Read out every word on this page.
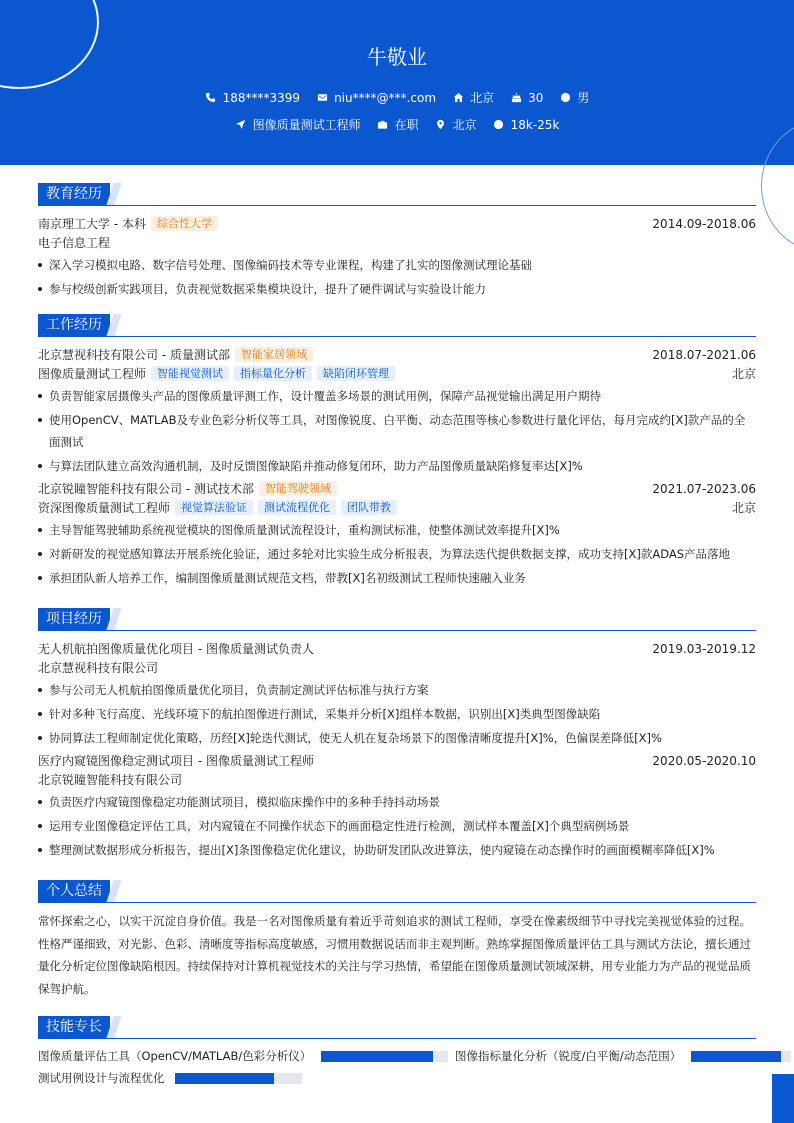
牛敬业
188****3399	niu****@***.com	北京	30	男
图像质量测试工程师	在职	北京	18k-25k
教育经历
南京理工大学 - 本科	综合性大学	2014.09-2018.06
电子信息工程
深入学习模拟电路、数字信号处理、图像编码技术等专业课程，构建了扎实的图像测试理论基础
参与校级创新实践项目，负责视觉数据采集模块设计，提升了硬件调试与实验设计能力
工作经历
北京慧视科技有限公司 - 质量测试部	智能家居领域	2018.07-2021.06
图像质量测试工程师	智能视觉测试	指标量化分析	缺陷闭环管理	北京
负责智能家居摄像头产品的图像质量评测工作，设计覆盖多场景的测试用例，保障产品视觉输出满足用户期待
使用OpenCV、MATLAB及专业色彩分析仪等工具，对图像锐度、白平衡、动态范围等核心参数进行量化评估，每月完成约[X]款产品的全面测试
与算法团队建立高效沟通机制，及时反馈图像缺陷并推动修复闭环，助力产品图像质量缺陷修复率达[X]%
北京锐瞳智能科技有限公司 - 测试技术部	智能驾驶领域	2021.07-2023.06
资深图像质量测试工程师	视觉算法验证	测试流程优化	团队带教	北京
主导智能驾驶辅助系统视觉模块的图像质量测试流程设计，重构测试标准，使整体测试效率提升[X]%
对新研发的视觉感知算法开展系统化验证，通过多轮对比实验生成分析报表，为算法迭代提供数据支撑，成功支持[X]款ADAS产品落地
承担团队新人培养工作，编制图像质量测试规范文档，带教[X]名初级测试工程师快速融入业务
项目经历
无人机航拍图像质量优化项目 - 图像质量测试负责人	2019.03-2019.12
北京慧视科技有限公司
参与公司无人机航拍图像质量优化项目，负责制定测试评估标准与执行方案
针对多种飞行高度、光线环境下的航拍图像进行测试，采集并分析[X]组样本数据，识别出[X]类典型图像缺陷
协同算法工程师制定优化策略，历经[X]轮迭代测试，使无人机在复杂场景下的图像清晰度提升[X]%，色偏误差降低[X]%
医疗内窥镜图像稳定测试项目 - 图像质量测试工程师	2020.05-2020.10
北京锐瞳智能科技有限公司
负责医疗内窥镜图像稳定功能测试项目，模拟临床操作中的多种手持抖动场景
运用专业图像稳定评估工具，对内窥镜在不同操作状态下的画面稳定性进行检测，测试样本覆盖[X]个典型病例场景
整理测试数据形成分析报告，提出[X]条图像稳定优化建议，协助研发团队改进算法，使内窥镜在动态操作时的画面模糊率降低[X]%
个人总结
常怀探索之心，以实干沉淀自身价值。我是一名对图像质量有着近乎苛刻追求的测试工程师，享受在像素级细节中寻找完美视觉体验的过程。性格严谨细致，对光影、色彩、清晰度等指标高度敏感，习惯用数据说话而非主观判断。熟练掌握图像质量评估工具与测试方法论，擅长通过量化分析定位图像缺陷根因。持续保持对计算机视觉技术的关注与学习热情，希望能在图像质量测试领域深耕，用专业能力为产品的视觉品质保驾护航。
技能专长
图像质量评估工具（OpenCV/MATLAB/色彩分析仪）	图像指标量化分析（锐度/白平衡/动态范围）
测试用例设计与流程优化
